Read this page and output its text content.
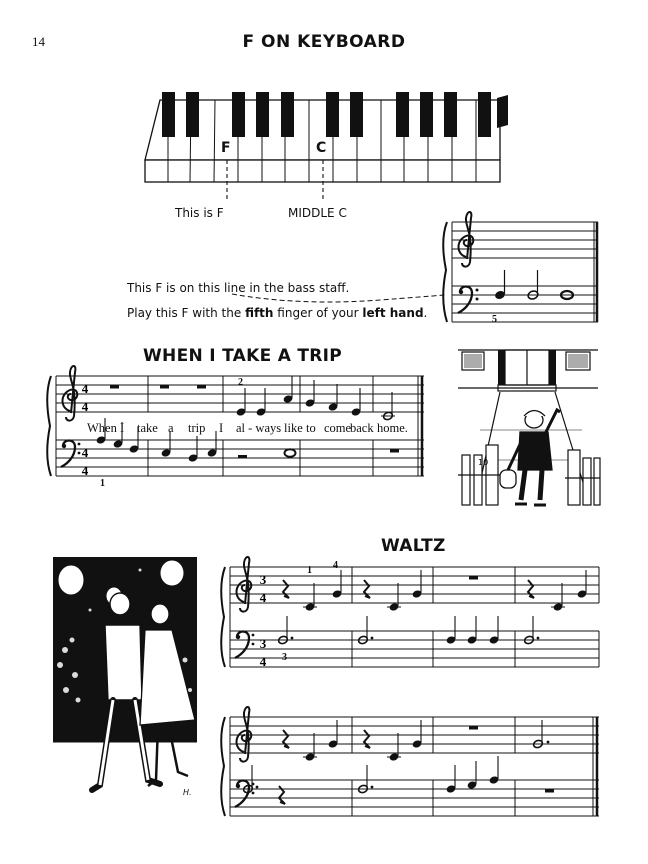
14	F ON KEYBOARD
F	C
This is F	MIDDLE C
This F is on this line in the bass staff.
Play this F with the fifth finger of your left hand.	5
WHEN I TAKE A TRIP
4
4
4
4
2
1
When I take a trip I al - ways like to come
back home.
10
WALTZ
H.
3
4
3
4
1 4
3
